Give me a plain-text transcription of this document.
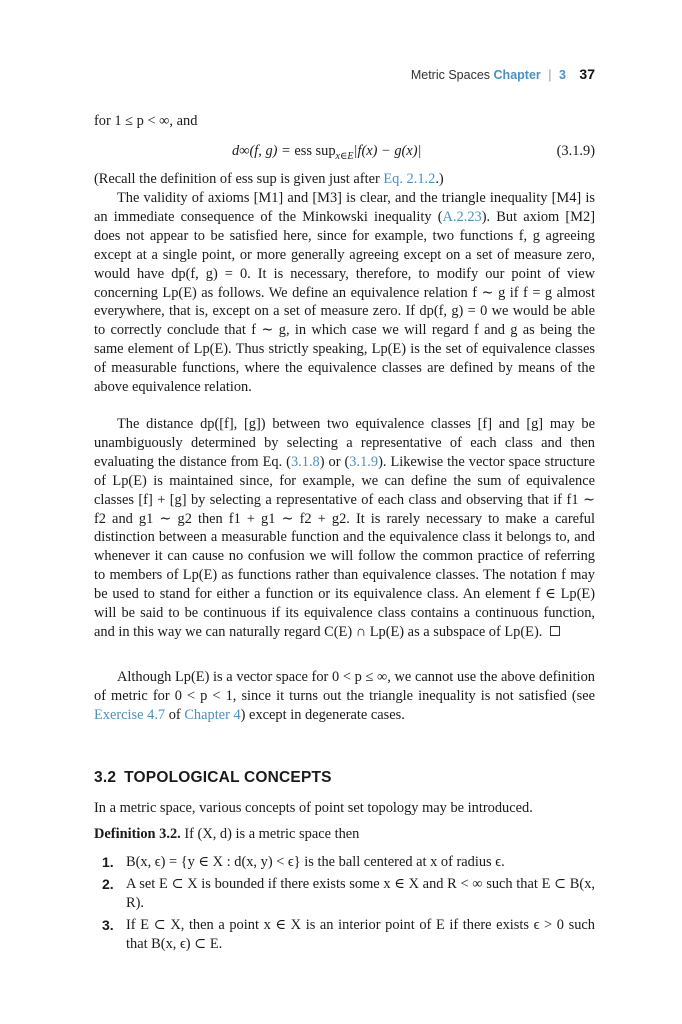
Metric Spaces Chapter | 3 37
for 1 ≤ p < ∞, and
d∞(f, g) = ess sup$_{x\in E}$|f(x) − g(x)|	(3.1.9)
(Recall the definition of ess sup is given just after Eq. 2.1.2.)
The validity of axioms [M1] and [M3] is clear, and the triangle inequality [M4] is an immediate consequence of the Minkowski inequality (A.2.23). But axiom [M2] does not appear to be satisfied here, since for example, two functions f, g agreeing except at a single point, or more generally agreeing except on a set of measure zero, would have dp(f, g) = 0. It is necessary, therefore, to modify our point of view concerning Lp(E) as follows. We define an equivalence relation f ∼ g if f = g almost everywhere, that is, except on a set of measure zero. If dp(f, g) = 0 we would be able to correctly conclude that f ∼ g, in which case we will regard f and g as being the same element of Lp(E). Thus strictly speaking, Lp(E) is the set of equivalence classes of measurable functions, where the equivalence classes are defined by means of the above equivalence relation.
The distance dp([f], [g]) between two equivalence classes [f] and [g] may be unambiguously determined by selecting a representative of each class and then evaluating the distance from Eq. (3.1.8) or (3.1.9). Likewise the vector space structure of Lp(E) is maintained since, for example, we can define the sum of equivalence classes [f] + [g] by selecting a representative of each class and observing that if f1 ∼ f2 and g1 ∼ g2 then f1 + g1 ∼ f2 + g2. It is rarely necessary to make a careful distinction between a measurable function and the equivalence class it belongs to, and whenever it can cause no confusion we will follow the common practice of referring to members of Lp(E) as functions rather than equivalence classes. The notation f may be used to stand for either a function or its equivalence class. An element f ∈ Lp(E) will be said to be continuous if its equivalence class contains a continuous function, and in this way we can naturally regard C(E) ∩ Lp(E) as a subspace of Lp(E).
Although Lp(E) is a vector space for 0 < p ≤ ∞, we cannot use the above definition of metric for 0 < p < 1, since it turns out the triangle inequality is not satisfied (see Exercise 4.7 of Chapter 4) except in degenerate cases.
3.2 TOPOLOGICAL CONCEPTS
In a metric space, various concepts of point set topology may be introduced.
Definition 3.2. If (X, d) is a metric space then
1. B(x, ϵ) = {y ∈ X : d(x, y) < ϵ} is the ball centered at x of radius ϵ.
2. A set E ⊂ X is bounded if there exists some x ∈ X and R < ∞ such that E ⊂ B(x, R).
3. If E ⊂ X, then a point x ∈ X is an interior point of E if there exists ϵ > 0 such that B(x, ϵ) ⊂ E.
